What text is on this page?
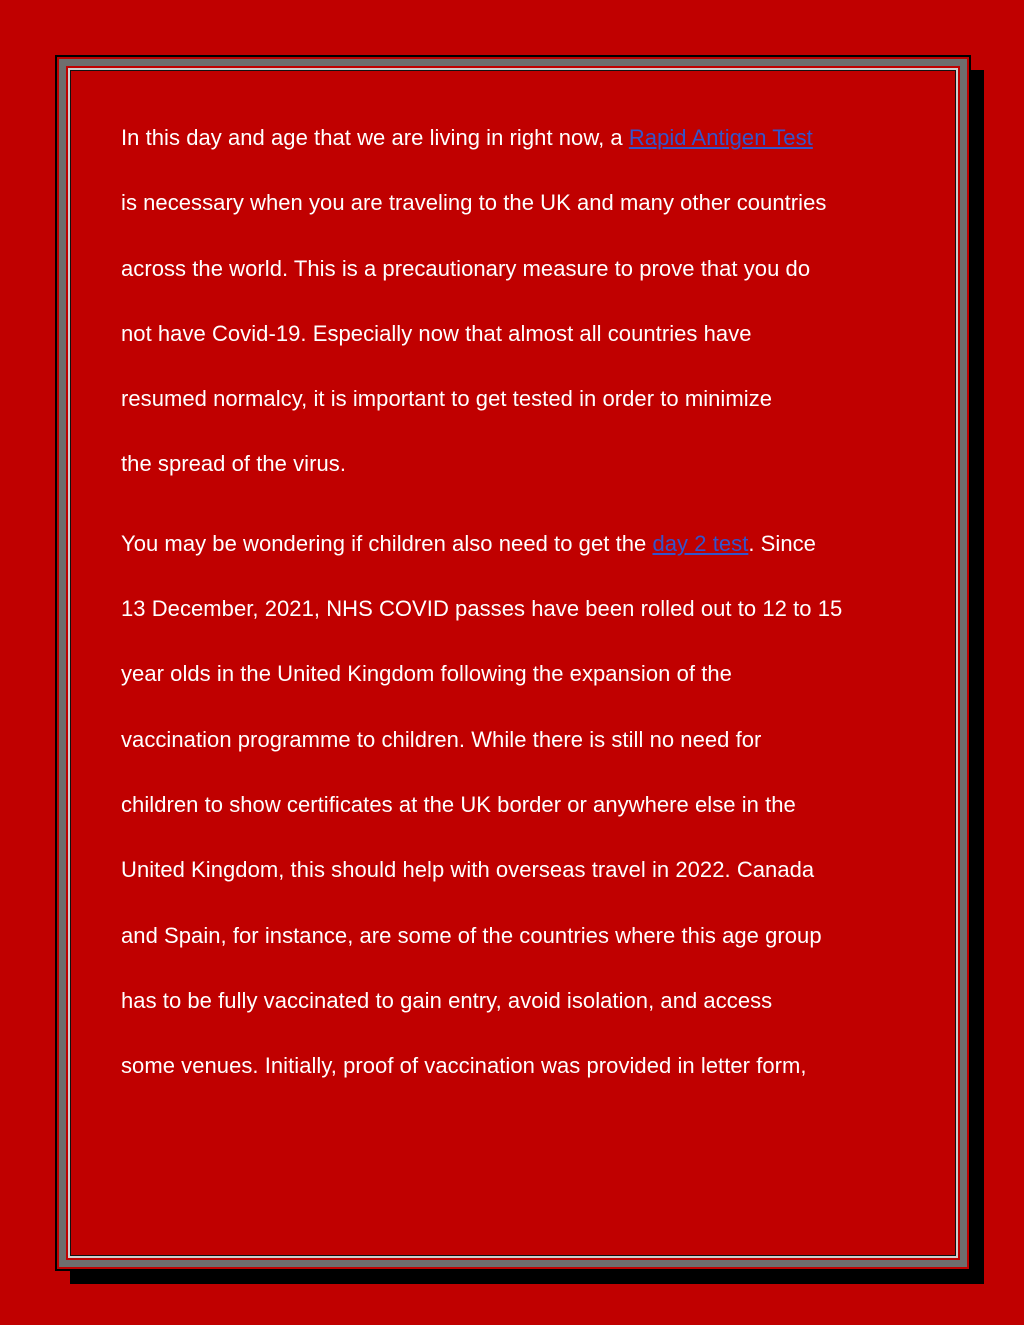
In this day and age that we are living in right now, a Rapid Antigen Test
is necessary when you are traveling to the UK and many other countries
across the world. This is a precautionary measure to prove that you do
not have Covid-19. Especially now that almost all countries have
resumed normalcy, it is important to get tested in order to minimize
the spread of the virus.

You may be wondering if children also need to get the day 2 test. Since
13 December, 2021, NHS COVID passes have been rolled out to 12 to 15
year olds in the United Kingdom following the expansion of the
vaccination programme to children. While there is still no need for
children to show certificates at the UK border or anywhere else in the
United Kingdom, this should help with overseas travel in 2022. Canada
and Spain, for instance, are some of the countries where this age group
has to be fully vaccinated to gain entry, avoid isolation, and access
some venues. Initially, proof of vaccination was provided in letter form,
